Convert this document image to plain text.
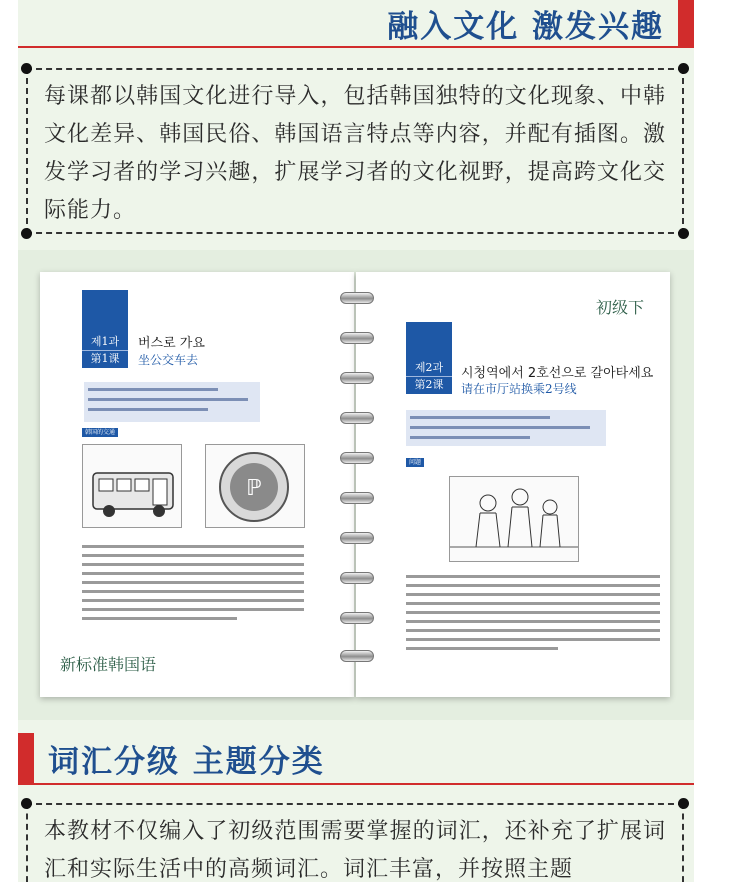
融入文化 激发兴趣

每课都以韩国文化进行导入，包括韩国独特的文化现象、中韩文化差异、韩国民俗、韩国语言特点等内容，并配有插图。激发学习者的学习兴趣，扩展学习者的文化视野，提高跨文化交际能力。

제1과
第1课
버스로 가요
坐公交车去
韩国的交通
ℙ
新标准韩国语
初级下
제2과
第2课
시청역에서 2호선으로 갈아타세요
请在市厅站换乘2号线
问题
词汇分级 主题分类

本教材不仅编入了初级范围需要掌握的词汇，还补充了扩展词汇和实际生活中的高频词汇。词汇丰富，并按照主题
